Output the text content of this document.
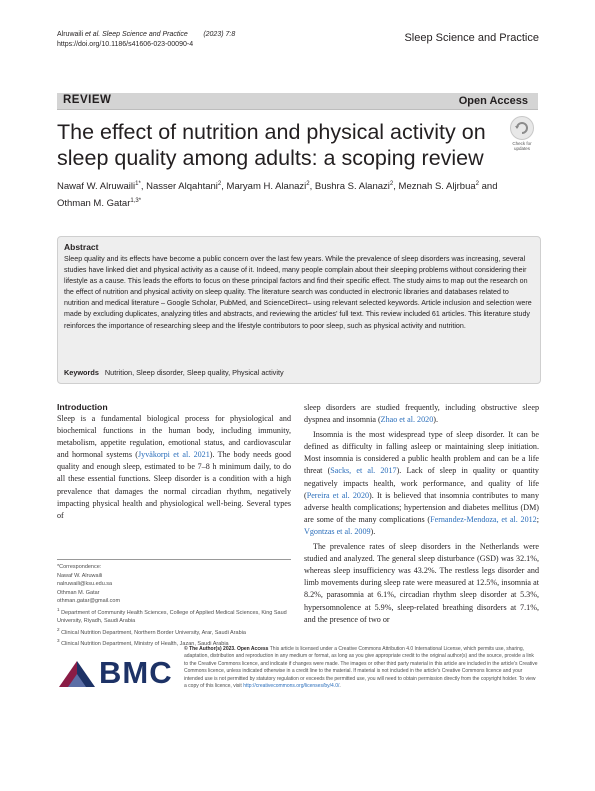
Alruwaili et al. Sleep Science and Practice (2023) 7:8
https://doi.org/10.1186/s41606-023-00090-4
Sleep Science and Practice
REVIEW	Open Access
The effect of nutrition and physical activity on sleep quality among adults: a scoping review
Check for
updates
Nawaf W. Alruwaili$^{1*}$, Nasser Alqahtani$^2$, Maryam H. Alanazi$^2$, Bushra S. Alanazi$^2$, Meznah S. Aljrbua$^2$ and
Othman M. Gatar$^{1,3*}$
Abstract
Sleep quality and its effects have become a public concern over the last few years. While the prevalence of sleep disorders was increasing, several studies have linked diet and physical activity as a cause of it. Indeed, many people complain about their sleeping problems without considering their lifestyle as a cause. This leads the efforts to focus on these principal factors and find their specific effect. The study aims to map out the research on the effect of nutrition and physical activity on sleep quality. The literature search was conducted in electronic libraries and databases related to nutrition and medical literature – Google Scholar, PubMed, and ScienceDirect– using relevant selected keywords. Article inclusion and selection were made by excluding duplicates, analyzing titles and abstracts, and reviewing the articles' full text. This review included 61 articles. This literature study reinforces the importance of researching sleep and the lifestyle contributors to poor sleep, such as physical activity and nutrition.
Keywords Nutrition, Sleep disorder, Sleep quality, Physical activity
Introduction

Sleep is a fundamental biological process for physiological and biochemical functions in the human body, including immunity, metabolism, appetite regulation, emotional status, and cardiovascular and hormonal systems (Jyväkorpi et al. 2021). The body needs good quality and enough sleep, estimated to be 7–8 h minimum daily, to do all these essential functions. Sleep disorder is a condition with a high prevalence that damages the normal circadian rhythm, negatively impacting physical health and physiological well-being. Several types of

sleep disorders are studied frequently, including obstructive sleep dyspnea and insomnia (Zhao et al. 2020).

Insomnia is the most widespread type of sleep disorder. It can be defined as difficulty in falling asleep or maintaining sleep initiation. Most insomnia is considered a public health problem and can be a life threat (Sacks, et al. 2017). Lack of sleep in quality or quantity negatively impacts health, work performance, and quality of life (Pereira et al. 2020). It is believed that insomnia contributes to many adverse health complications; hypertension and diabetes mellitus (DM) are some of the many complications (Fernandez-Mendoza, et al. 2012; Vgontzas et al. 2009).

The prevalence rates of sleep disorders in the Netherlands were studied and analyzed. The general sleep disturbance (GSD) was 32.1%, whereas sleep insufficiency was 43.2%. The restless legs disorder and limb movements during sleep rate were measured at 12.5%, insomnia at 8.2%, parasomnia at 6.1%, circadian rhythm sleep disorder at 5.3%, hypersomnolence at 5.9%, sleep-related breathing disorders at 7.1%, and the presence of two or

*Correspondence:
Nawaf W. Alruwaili
nalruwaili@ksu.edu.sa
Othman M. Gatar
othman.gatar@gmail.com
$^1$ Department of Community Health Sciences, College of Applied Medical Sciences, King Saud University, Riyadh, Saudi Arabia
$^2$ Clinical Nutrition Department, Northern Border University, Arar, Saudi Arabia
$^3$ Clinical Nutrition Department, Ministry of Health, Jazan, Saudi Arabia
BMC
© The Author(s) 2023. Open Access This article is licensed under a Creative Commons Attribution 4.0 International License, which permits use, sharing, adaptation, distribution and reproduction in any medium or format, as long as you give appropriate credit to the original author(s) and the source, provide a link to the Creative Commons licence, and indicate if changes were made. The images or other third party material in this article are included in the article's Creative Commons licence, unless indicated otherwise in a credit line to the material. If material is not included in the article's Creative Commons licence and your intended use is not permitted by statutory regulation or exceeds the permitted use, you will need to obtain permission directly from the copyright holder. To view a copy of this licence, visit http://creativecommons.org/licenses/by/4.0/.
